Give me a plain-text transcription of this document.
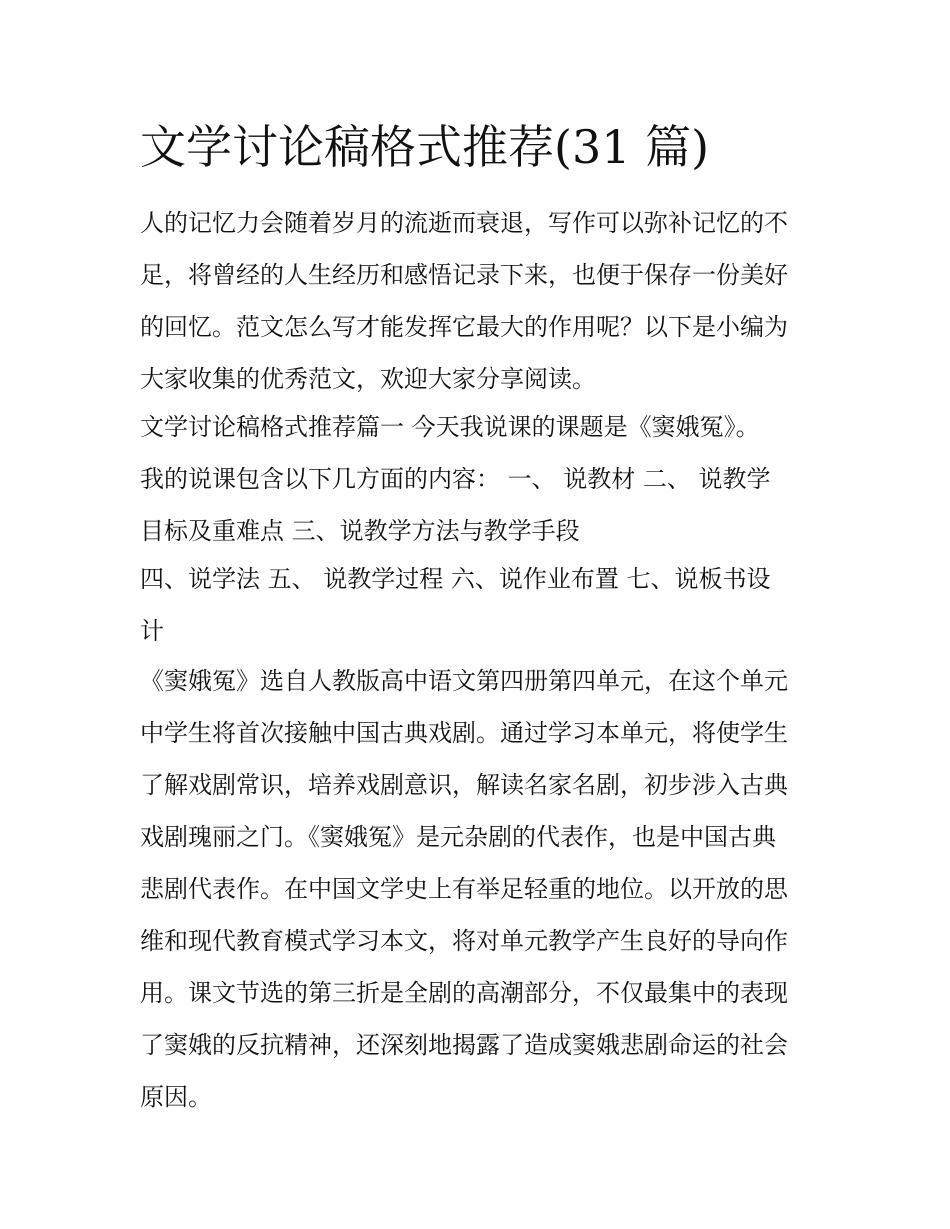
文学讨论稿格式推荐(31 篇)
人的记忆力会随着岁月的流逝而衰退，写作可以弥补记忆的不
足，将曾经的人生经历和感悟记录下来，也便于保存一份美好
的回忆。范文怎么写才能发挥它最大的作用呢？以下是小编为
大家收集的优秀范文，欢迎大家分享阅读。
文学讨论稿格式推荐篇一 今天我说课的课题是《窦娥冤》。
我的说课包含以下几方面的内容： 一、 说教材 二、 说教学
目标及重难点 三、说教学方法与教学手段
四、说学法 五、 说教学过程 六、说作业布置 七、说板书设
计
《窦娥冤》选自人教版高中语文第四册第四单元，在这个单元
中学生将首次接触中国古典戏剧。通过学习本单元，将使学生
了解戏剧常识，培养戏剧意识，解读名家名剧，初步涉入古典
戏剧瑰丽之门。《窦娥冤》是元杂剧的代表作，也是中国古典
悲剧代表作。在中国文学史上有举足轻重的地位。以开放的思
维和现代教育模式学习本文，将对单元教学产生良好的导向作
用。课文节选的第三折是全剧的高潮部分，不仅最集中的表现
了窦娥的反抗精神，还深刻地揭露了造成窦娥悲剧命运的社会
原因。
